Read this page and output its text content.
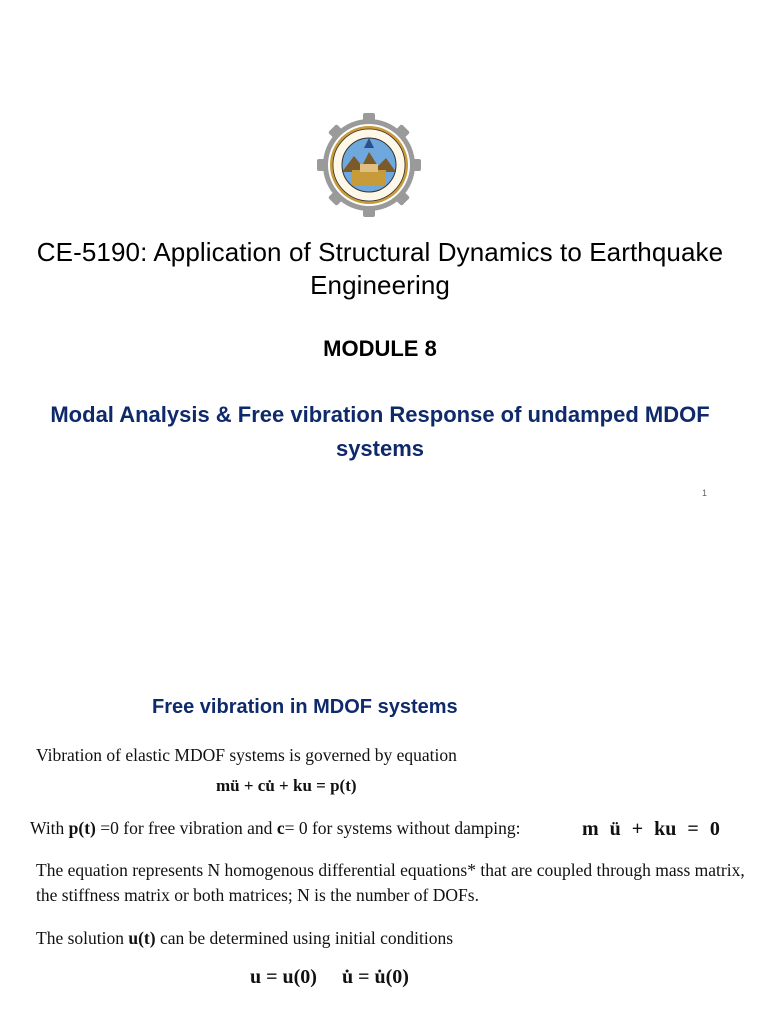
CE-5190: Application of Structural Dynamics to Earthquake Engineering
MODULE 8
Modal Analysis & Free vibration Response of undamped MDOF systems
1
Free vibration in MDOF systems
Vibration of elastic MDOF systems is governed by equation
mü + cu̇ + ku = p(t)
With p(t) =0 for free vibration and c= 0 for systems without damping:	m ü + ku = 0
The equation represents N homogenous differential equations* that are coupled through mass matrix, the stiffness matrix or both matrices; N is the number of DOFs.
The solution u(t) can be determined using initial conditions
u = u(0)     u̇ = u̇(0)
